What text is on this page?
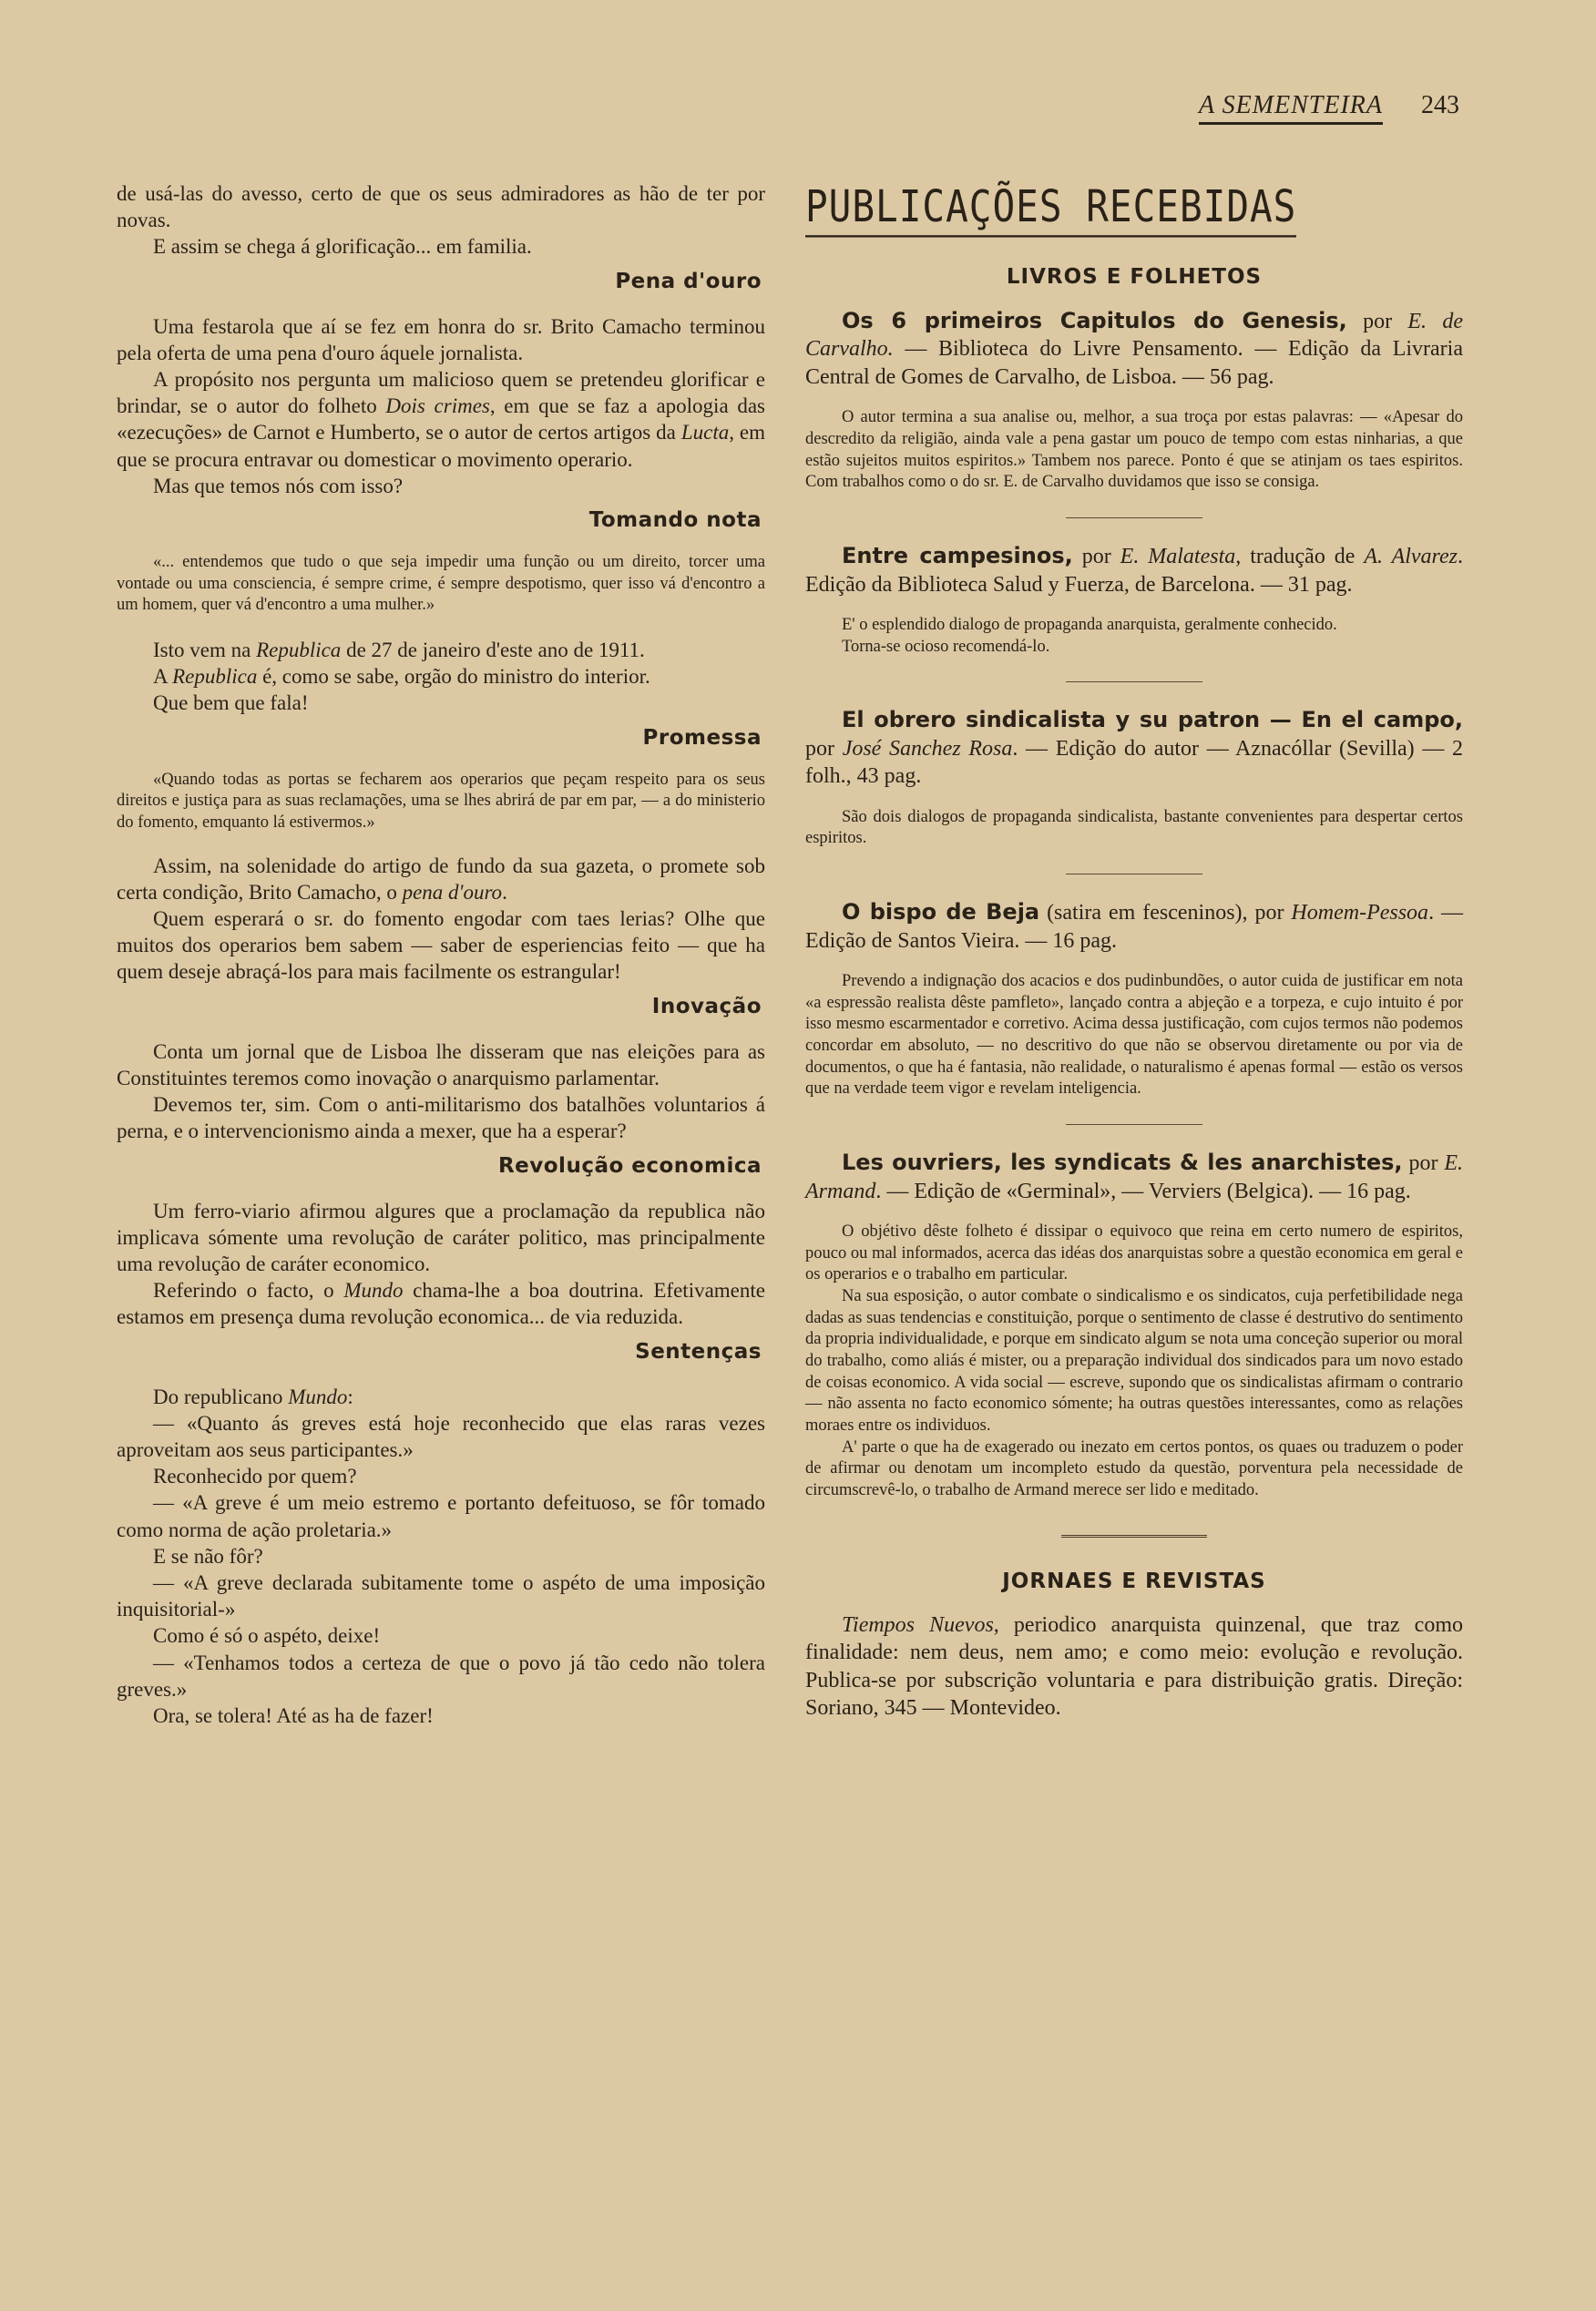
A SEMENTEIRA 243

de usá-las do avesso, certo de que os seus admiradores as hão de ter por novas.

E assim se chega á glorificação... em familia.

Pena d'ouro

Uma festarola que aí se fez em honra do sr. Brito Camacho terminou pela oferta de uma pena d'ouro áquele jornalista.

A propósito nos pergunta um malicioso quem se pretendeu glorificar e brindar, se o autor do folheto Dois crimes, em que se faz a apologia das «ezecuções» de Carnot e Humberto, se o autor de certos artigos da Lucta, em que se procura entravar ou domesticar o movimento operario.

Mas que temos nós com isso?

Tomando nota

«... entendemos que tudo o que seja impedir uma função ou um direito, torcer uma vontade ou uma consciencia, é sempre crime, é sempre despotismo, quer isso vá d'encontro a um homem, quer vá d'encontro a uma mulher.»

Isto vem na Republica de 27 de janeiro d'este ano de 1911.

A Republica é, como se sabe, orgão do ministro do interior.

Que bem que fala!

Promessa

«Quando todas as portas se fecharem aos operarios que peçam respeito para os seus direitos e justiça para as suas reclamações, uma se lhes abrirá de par em par, — a do ministerio do fomento, emquanto lá estivermos.»

Assim, na solenidade do artigo de fundo da sua gazeta, o promete sob certa condição, Brito Camacho, o pena d'ouro.

Quem esperará o sr. do fomento engodar com taes lerias? Olhe que muitos dos operarios bem sabem — saber de esperiencias feito — que ha quem deseje abraçá-los para mais facilmente os estrangular!

Inovação

Conta um jornal que de Lisboa lhe disseram que nas eleições para as Constituintes teremos como inovação o anarquismo parlamentar.

Devemos ter, sim. Com o anti-militarismo dos batalhões voluntarios á perna, e o intervencionismo ainda a mexer, que ha a esperar?

Revolução economica

Um ferro-viario afirmou algures que a proclamação da republica não implicava sómente uma revolução de caráter politico, mas principalmente uma revolução de caráter economico.

Referindo o facto, o Mundo chama-lhe a boa doutrina. Efetivamente estamos em presença duma revolução economica... de via reduzida.

Sentenças

Do republicano Mundo:

— «Quanto ás greves está hoje reconhecido que elas raras vezes aproveitam aos seus participantes.»

Reconhecido por quem?

— «A greve é um meio estremo e portanto defeituoso, se fôr tomado como norma de ação proletaria.»

E se não fôr?

— «A greve declarada subitamente tome o aspéto de uma imposição inquisitorial-»

Como é só o aspéto, deixe!

— «Tenhamos todos a certeza de que o povo já tão cedo não tolera greves.»

Ora, se tolera! Até as ha de fazer!

PUBLICAÇÕES RECEBIDAS
LIVROS E FOLHETOS

Os 6 primeiros Capitulos do Genesis, por E. de Carvalho. — Biblioteca do Livre Pensamento. — Edição da Livraria Central de Gomes de Carvalho, de Lisboa. — 56 pag.

O autor termina a sua analise ou, melhor, a sua troça por estas palavras: — «Apesar do descredito da religião, ainda vale a pena gastar um pouco de tempo com estas ninharias, a que estão sujeitos muitos espiritos.» Tambem nos parece. Ponto é que se atinjam os taes espiritos. Com trabalhos como o do sr. E. de Carvalho duvidamos que isso se consiga.

Entre campesinos, por E. Malatesta, tradução de A. Alvarez. Edição da Biblioteca Salud y Fuerza, de Barcelona. — 31 pag.

E' o esplendido dialogo de propaganda anarquista, geralmente conhecido.

Torna-se ocioso recomendá-lo.

El obrero sindicalista y su patron — En el campo, por José Sanchez Rosa. — Edição do autor — Aznacóllar (Sevilla) — 2 folh., 43 pag.

São dois dialogos de propaganda sindicalista, bastante convenientes para despertar certos espiritos.

O bispo de Beja (satira em fesceninos), por Homem-Pessoa. — Edição de Santos Vieira. — 16 pag.

Prevendo a indignação dos acacios e dos pudinbundões, o autor cuida de justificar em nota «a espressão realista dêste pamfleto», lançado contra a abjeção e a torpeza, e cujo intuito é por isso mesmo escarmentador e corretivo. Acima dessa justificação, com cujos termos não podemos concordar em absoluto, — no descritivo do que não se observou diretamente ou por via de documentos, o que ha é fantasia, não realidade, o naturalismo é apenas formal — estão os versos que na verdade teem vigor e revelam inteligencia.

Les ouvriers, les syndicats & les anarchistes, por E. Armand. — Edição de «Germinal», — Verviers (Belgica). — 16 pag.

O objétivo dêste folheto é dissipar o equivoco que reina em certo numero de espiritos, pouco ou mal informados, acerca das idéas dos anarquistas sobre a questão economica em geral e os operarios e o trabalho em particular.

Na sua esposição, o autor combate o sindicalismo e os sindicatos, cuja perfetibilidade nega dadas as suas tendencias e constituição, porque o sentimento de classe é destrutivo do sentimento da propria individualidade, e porque em sindicato algum se nota uma conceção superior ou moral do trabalho, como aliás é mister, ou a preparação individual dos sindicados para um novo estado de coisas economico. A vida social — escreve, supondo que os sindicalistas afirmam o contrario — não assenta no facto economico sómente; ha outras questões interessantes, como as relações moraes entre os individuos.

A' parte o que ha de exagerado ou inezato em certos pontos, os quaes ou traduzem o poder de afirmar ou denotam um incompleto estudo da questão, porventura pela necessidade de circumscrevê-lo, o trabalho de Armand merece ser lido e meditado.

JORNAES E REVISTAS

Tiempos Nuevos, periodico anarquista quinzenal, que traz como finalidade: nem deus, nem amo; e como meio: evolução e revolução. Publica-se por subscrição voluntaria e para distribuição gratis. Direção: Soriano, 345 — Montevideo.
